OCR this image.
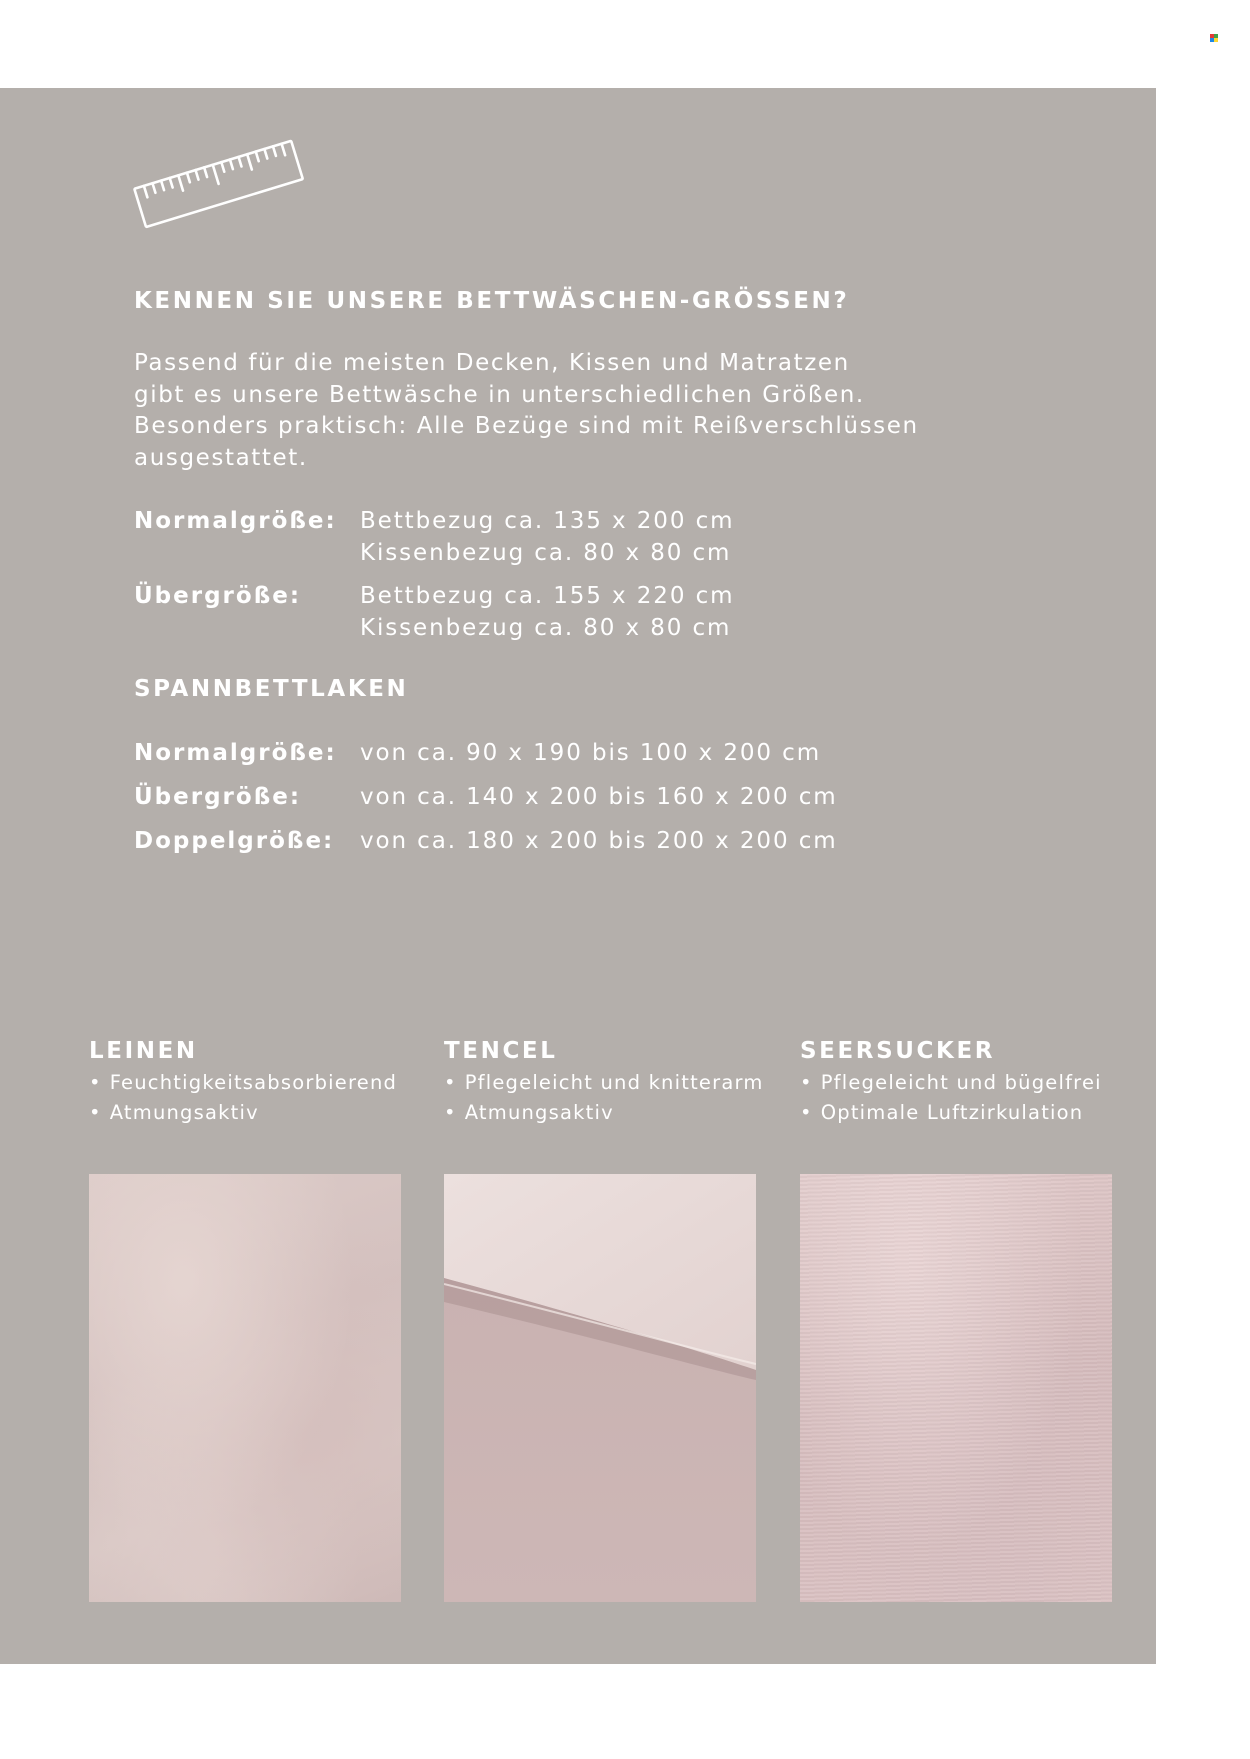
KENNEN SIE UNSERE BETTWÄSCHEN-GRÖSSEN?
Passend für die meisten Decken, Kissen und Matratzen
gibt es unsere Bettwäsche in unterschiedlichen Größen.
Besonders praktisch: Alle Bezüge sind mit Reißverschlüssen
ausgestattet.
Normalgröße:	Bettbezug ca. 135 x 200 cm
Kissenbezug ca. 80 x 80 cm
Übergröße:	Bettbezug ca. 155 x 220 cm
Kissenbezug ca. 80 x 80 cm
SPANNBETTLAKEN
Normalgröße:	von ca. 90 x 190 bis 100 x 200 cm
Übergröße:	von ca. 140 x 200 bis 160 x 200 cm
Doppelgröße:	von ca. 180 x 200 bis 200 x 200 cm
LEINEN
• Feuchtigkeitsabsorbierend
• Atmungsaktiv
TENCEL
• Pflegeleicht und knitterarm
• Atmungsaktiv
SEERSUCKER
• Pflegeleicht und bügelfrei
• Optimale Luftzirkulation
